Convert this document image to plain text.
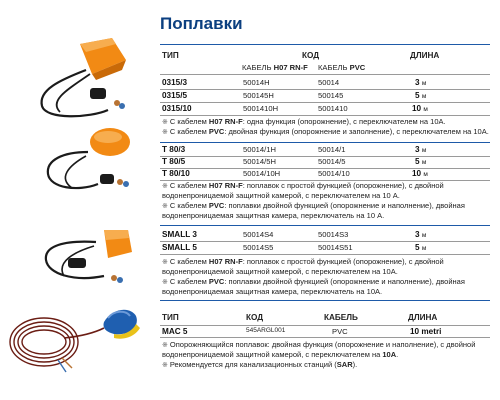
Поплавки
ТИП	КОД	ДЛИНА
КАБЕЛЬ H07 RN-F КАБЕЛЬ PVC
0315/3	50014H	50014	3 м
0315/5	500145H	500145	5 м
0315/10	5001410H	5001410	10 м
※ С кабелем H07 RN-F: одна функция (опорожнение), с переключателем на 10A.
※ С кабелем PVC: двойная функция (опорожнение и заполнение), с переключателем на 10A.
T 80/3	50014/1H	50014/1	3 м
T 80/5	50014/5H	50014/5	5 м
T 80/10	50014/10H	50014/10	10 м
※ С кабелем H07 RN-F: поплавок с простой функцией (опорожнение), с двойной
водонепроницаемой защитной камерой, с переключателем на 10 A.
※ С кабелем PVC: поплавки двойной функцией (опорожнение и наполнение), двойная
водонепроницаемая защитная камера, переключатель на 10 A.
SMALL 3	50014S4	50014S3	3 м
SMALL 5	50014S5	50014S51	5 м
※ С кабелем H07 RN-F: поплавок с простой функцией (опорожнение), с двойной
водонепроницаемой защитной камерой, с переключателем на 10A.
※ С кабелем PVC: поплавки двойной функцией (опорожнение и наполнение), двойная
водонепроницаемая защитная камера, переключатель на 10A.
ТИП	КОД	КАБЕЛЬ	ДЛИНА
MAC 5	545ARGL001	PVC	10 metri
※ Опорожняющийся поплавок: двойная функция (опорожнение и наполнение), с двойной
водонепроницаемой защитной камерой, с переключателем на 10A.
※ Рекомендуется для канализационных станций (SAR).
